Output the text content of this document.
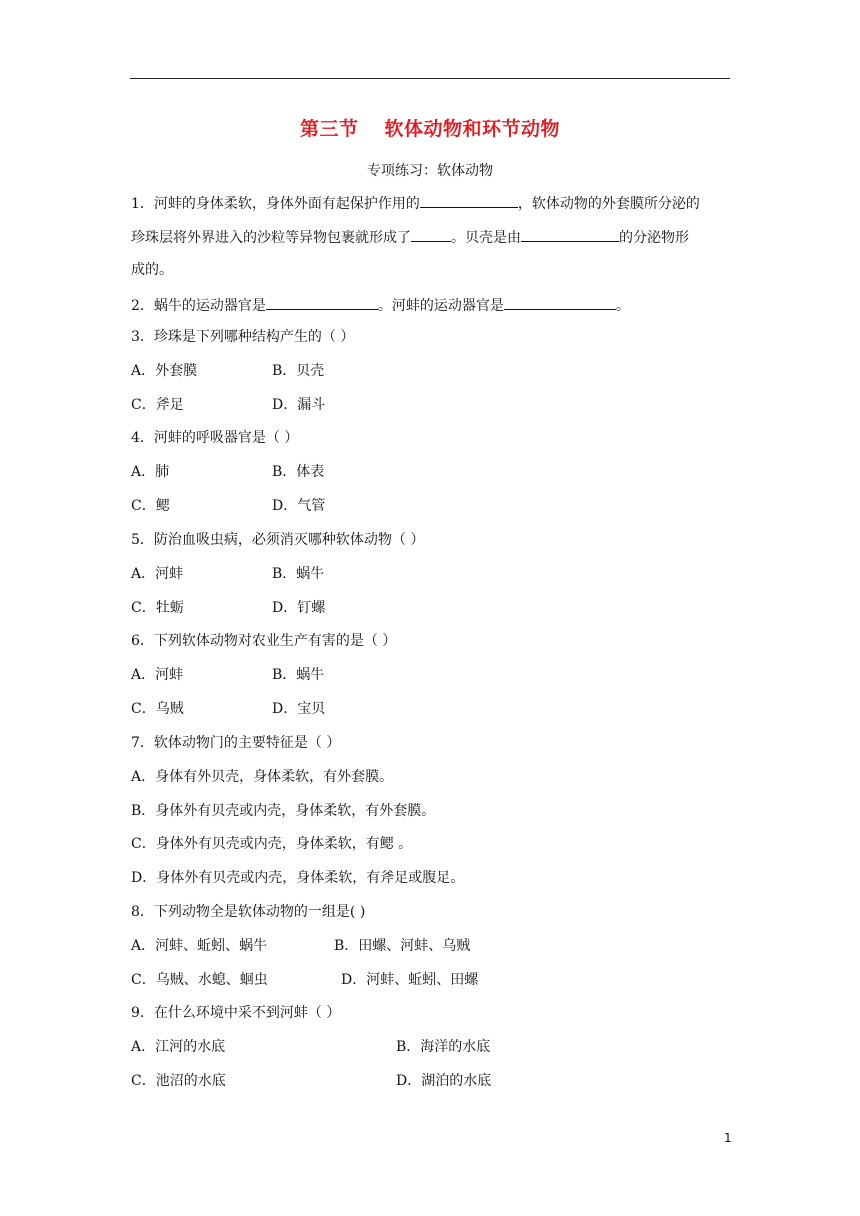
第三节 软体动物和环节动物
专项练习：软体动物
1．河蚌的身体柔软，身体外面有起保护作用的	，软体动物的外套膜所分泌的
珍珠层将外界进入的沙粒等异物包裹就形成了	。贝壳是由	的分泌物形
成的。
2．蜗牛的运动器官是	。河蚌的运动器官是	。
3．珍珠是下列哪种结构产生的（ ）
A．外套膜	B．贝壳
C．斧足	D．漏斗
4．河蚌的呼吸器官是（ ）
A．肺	B．体表
C．鳃	D．气管
5．防治血吸虫病，必须消灭哪种软体动物（ ）
A．河蚌	B．蜗牛
C．牡蛎	D．钉螺
6．下列软体动物对农业生产有害的是（ ）
A．河蚌	B．蜗牛
C．乌贼	D．宝贝
7．软体动物门的主要特征是（ ）
A．身体有外贝壳，身体柔软，有外套膜。
B．身体外有贝壳或内壳，身体柔软，有外套膜。
C．身体外有贝壳或内壳，身体柔软，有鳃 。
D．身体外有贝壳或内壳，身体柔软，有斧足或腹足。
8．下列动物全是软体动物的一组是( )
A．河蚌、蚯蚓、蜗牛	B．田螺、河蚌、乌贼
C．乌贼、水螅、蛔虫	D．河蚌、蚯蚓、田螺
9．在什么环境中采不到河蚌（ ）
A．江河的水底	B．海洋的水底
C．池沼的水底	D．湖泊的水底
1
